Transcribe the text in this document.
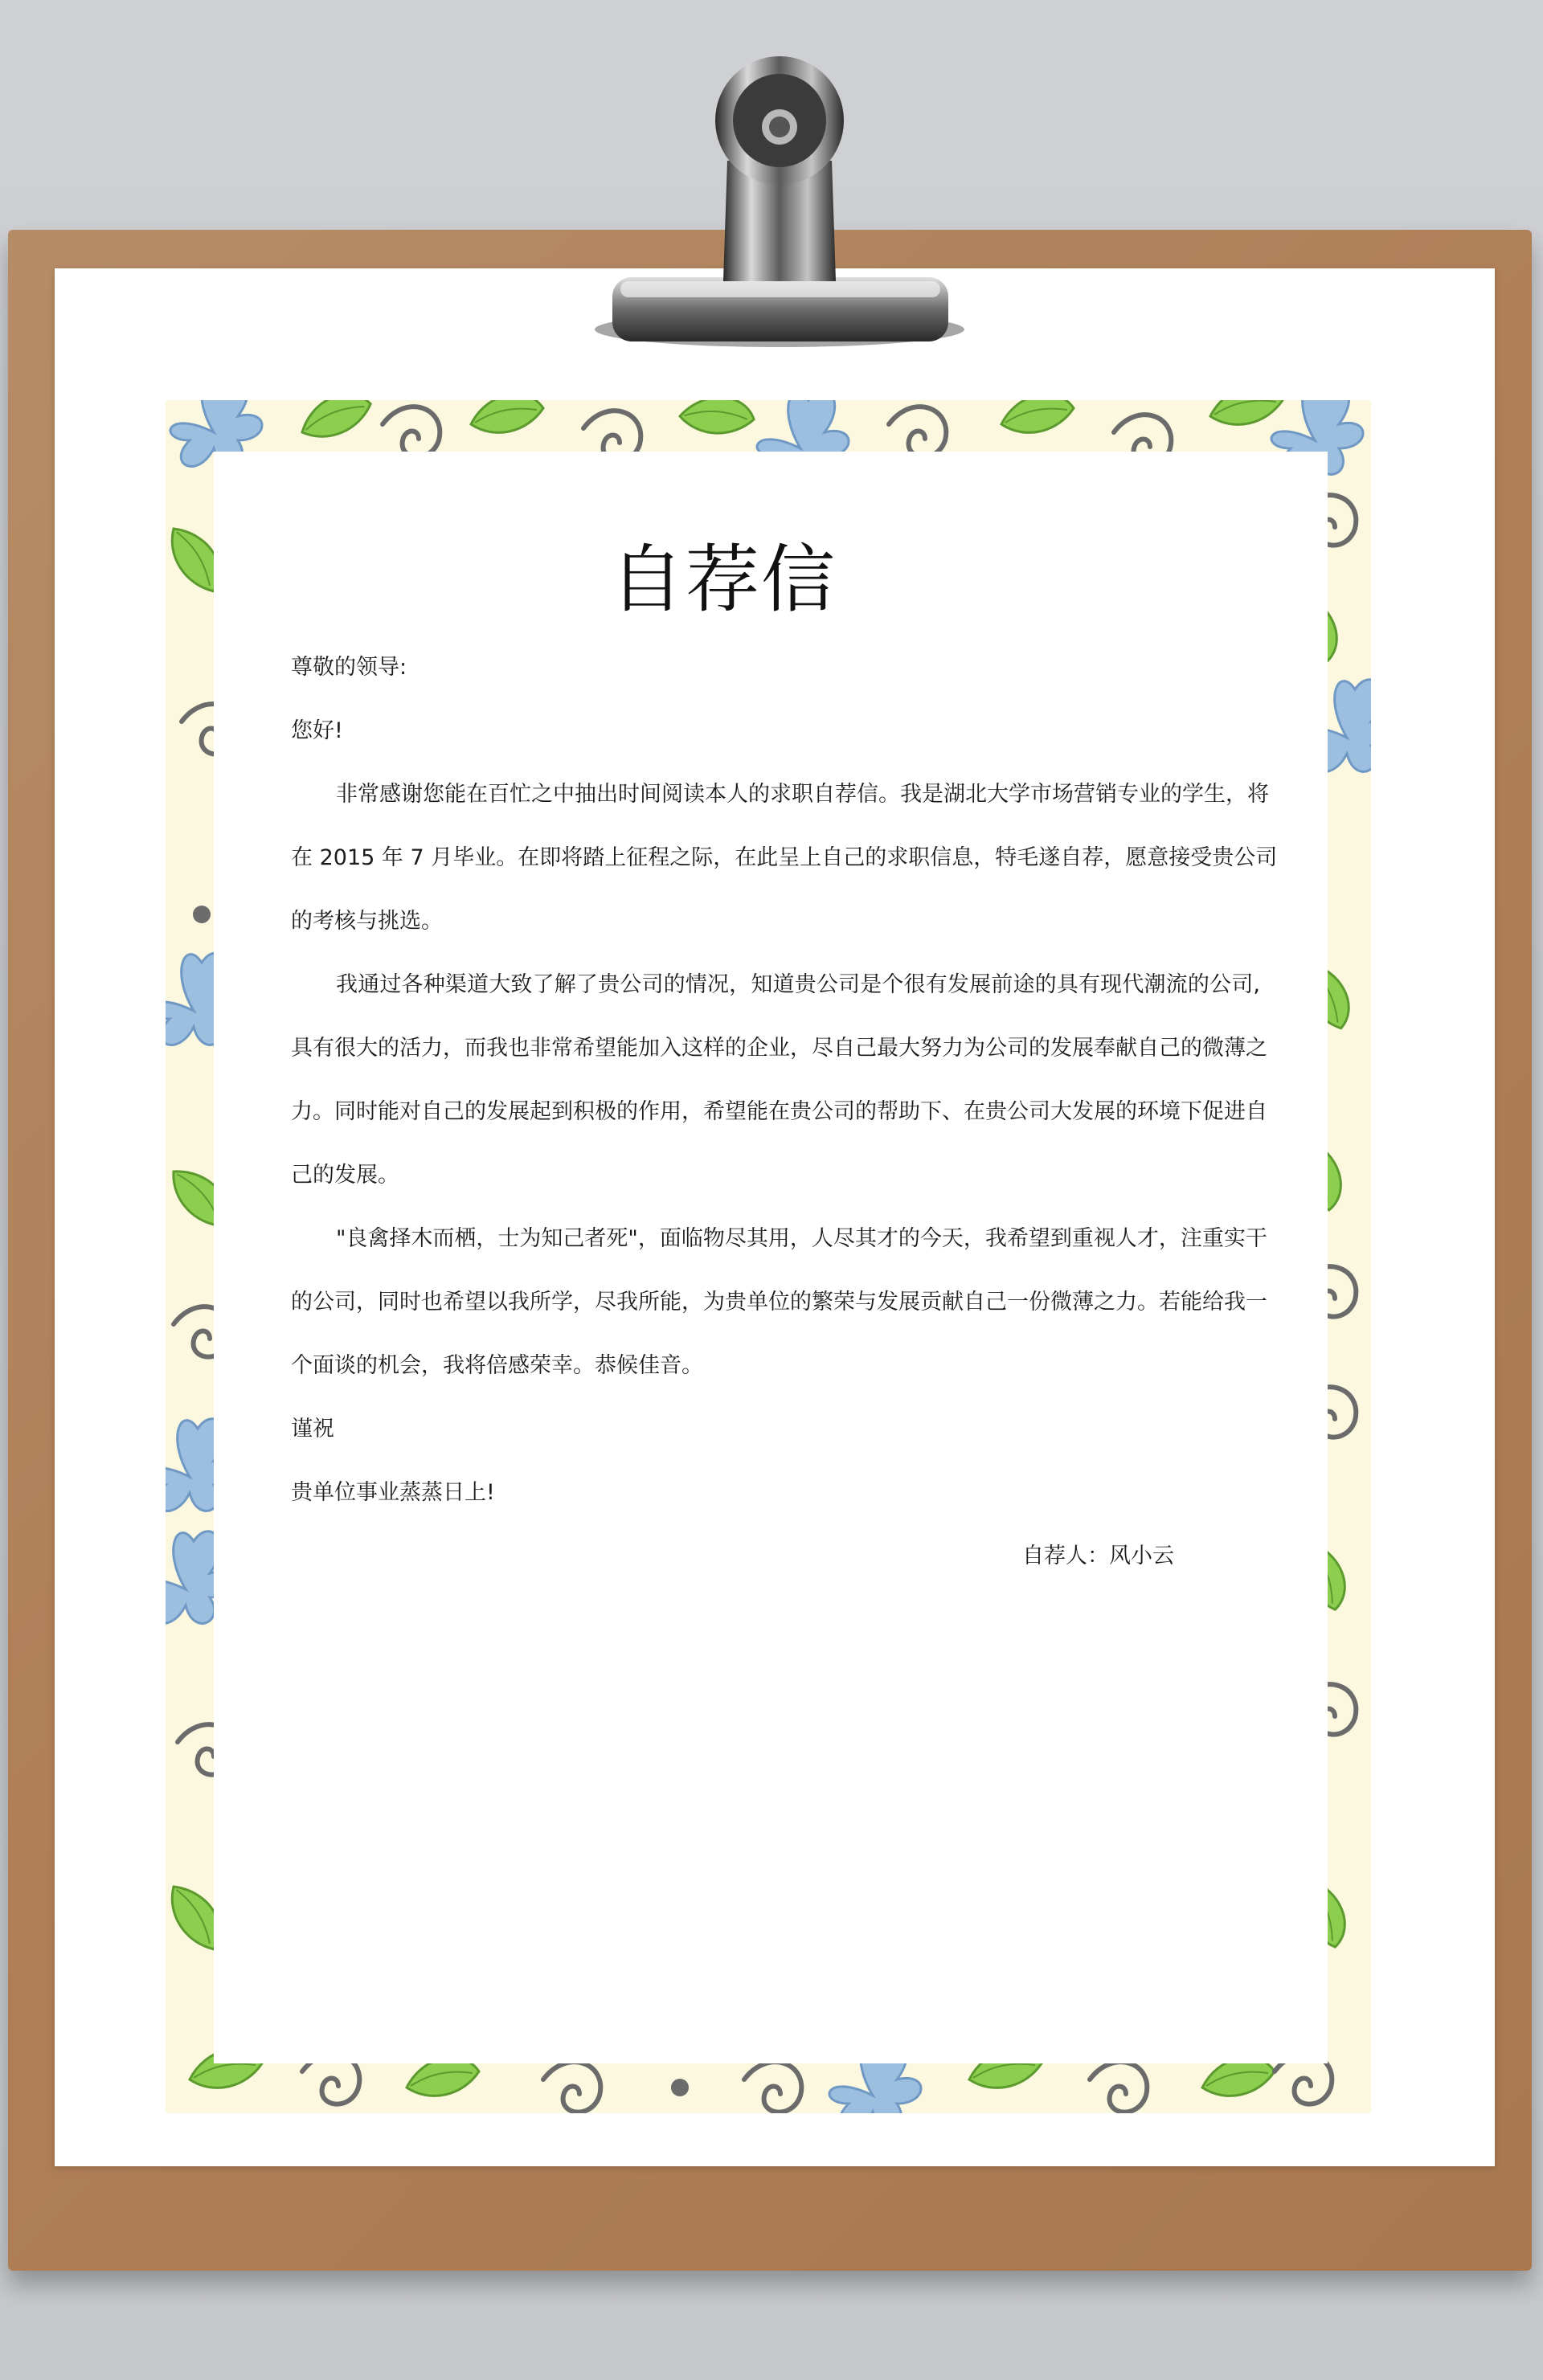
自荐信
尊敬的领导:
您好!
非常感谢您能在百忙之中抽出时间阅读本人的求职自荐信。我是湖北大学市场营销专业的学生，将
在 2015 年 7 月毕业。在即将踏上征程之际，在此呈上自己的求职信息，特毛遂自荐，愿意接受贵公司
的考核与挑选。
我通过各种渠道大致了解了贵公司的情况，知道贵公司是个很有发展前途的具有现代潮流的公司,
具有很大的活力，而我也非常希望能加入这样的企业，尽自己最大努力为公司的发展奉献自己的微薄之
力。同时能对自己的发展起到积极的作用，希望能在贵公司的帮助下、在贵公司大发展的环境下促进自
己的发展。
"良禽择木而栖，士为知己者死"，面临物尽其用，人尽其才的今天，我希望到重视人才，注重实干
的公司，同时也希望以我所学，尽我所能，为贵单位的繁荣与发展贡献自己一份微薄之力。若能给我一
个面谈的机会，我将倍感荣幸。恭候佳音。
谨祝
贵单位事业蒸蒸日上!
自荐人：风小云
